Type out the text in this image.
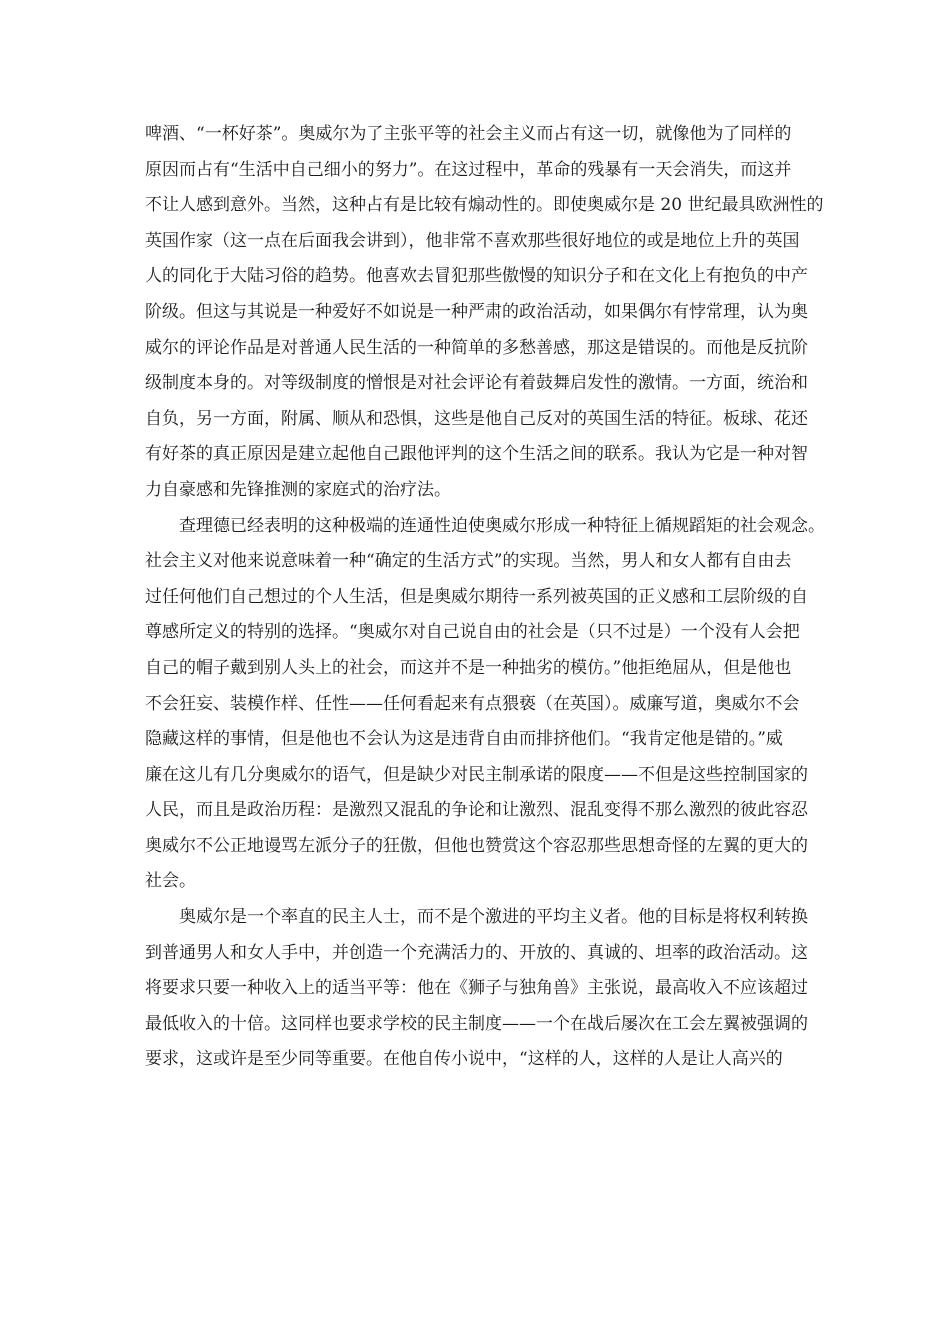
啤酒、“一杯好茶”。奥威尔为了主张平等的社会主义而占有这一切，就像他为了同样的
原因而占有“生活中自己细小的努力”。在这过程中，革命的残暴有一天会消失，而这并
不让人感到意外。当然，这种占有是比较有煽动性的。即使奥威尔是 20 世纪最具欧洲性的
英国作家（这一点在后面我会讲到），他非常不喜欢那些很好地位的或是地位上升的英国
人的同化于大陆习俗的趋势。他喜欢去冒犯那些傲慢的知识分子和在文化上有抱负的中产
阶级。但这与其说是一种爱好不如说是一种严肃的政治活动，如果偶尔有悖常理，认为奥
威尔的评论作品是对普通人民生活的一种简单的多愁善感，那这是错误的。而他是反抗阶
级制度本身的。对等级制度的憎恨是对社会评论有着鼓舞启发性的激情。一方面，统治和
自负，另一方面，附属、顺从和恐惧，这些是他自己反对的英国生活的特征。板球、花还
有好茶的真正原因是建立起他自己跟他评判的这个生活之间的联系。我认为它是一种对智
力自豪感和先锋推测的家庭式的治疗法。
　　查理德已经表明的这种极端的连通性迫使奥威尔形成一种特征上循规蹈矩的社会观念。
社会主义对他来说意味着一种“确定的生活方式”的实现。当然，男人和女人都有自由去
过任何他们自己想过的个人生活，但是奥威尔期待一系列被英国的正义感和工层阶级的自
尊感所定义的特别的选择。“奥威尔对自己说自由的社会是（只不过是）一个没有人会把
自己的帽子戴到别人头上的社会，而这并不是一种拙劣的模仿。”他拒绝屈从，但是他也
不会狂妄、装模作样、任性——任何看起来有点猥亵（在英国）。威廉写道，奥威尔不会
隐藏这样的事情，但是他也不会认为这是违背自由而排挤他们。“我肯定他是错的。”威
廉在这儿有几分奥威尔的语气，但是缺少对民主制承诺的限度——不但是这些控制国家的
人民，而且是政治历程：是激烈又混乱的争论和让激烈、混乱变得不那么激烈的彼此容忍
奥威尔不公正地谩骂左派分子的狂傲，但他也赞赏这个容忍那些思想奇怪的左翼的更大的
社会。
　　奥威尔是一个率直的民主人士，而不是个激进的平均主义者。他的目标是将权利转换
到普通男人和女人手中，并创造一个充满活力的、开放的、真诚的、坦率的政治活动。这
将要求只要一种收入上的适当平等：他在《狮子与独角兽》主张说，最高收入不应该超过
最低收入的十倍。这同样也要求学校的民主制度——一个在战后屡次在工会左翼被强调的
要求，这或许是至少同等重要。在他自传小说中，“这样的人，这样的人是让人高兴的
